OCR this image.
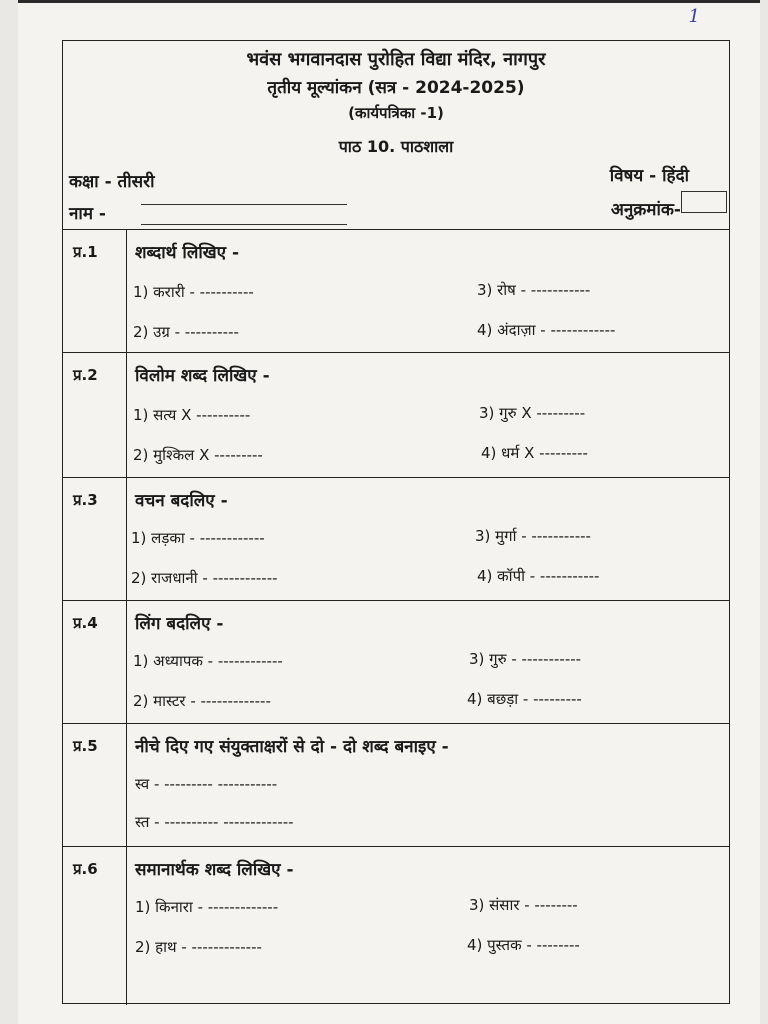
1
भवंस भगवानदास पुरोहित विद्या मंदिर, नागपुर
तृतीय मूल्यांकन (सत्र - 2024-2025)
(कार्यपत्रिका -1)
पाठ 10. पाठशाला
कक्षा - तीसरी
नाम -
विषय - हिंदी
अनुक्रमांक-
प्र.1 शब्दार्थ लिखिए -
1) करारी - ----------	3) रोष - -----------
2) उग्र - ----------	4) अंदाज़ा - ------------
प्र.2 विलोम शब्द लिखिए -
1) सत्य X ----------	3) गुरु X ---------
2) मुश्किल X ---------	4) धर्म X ---------
प्र.3 वचन बदलिए -
1) लड़का - ------------	3) मुर्गा - -----------
2) राजधानी - ------------	4) कॉपी - -----------
प्र.4 लिंग बदलिए -
1) अध्यापक - ------------	3) गुरु - -----------
2) मास्टर - -------------	4) बछड़ा - ---------
प्र.5 नीचे दिए गए संयुक्ताक्षरों से दो - दो शब्द बनाइए -
स्व - --------- -----------
स्त - ---------- -------------
प्र.6 समानार्थक शब्द लिखिए -
1) किनारा - -------------	3) संसार - --------
2) हाथ - -------------	4) पुस्तक - --------
